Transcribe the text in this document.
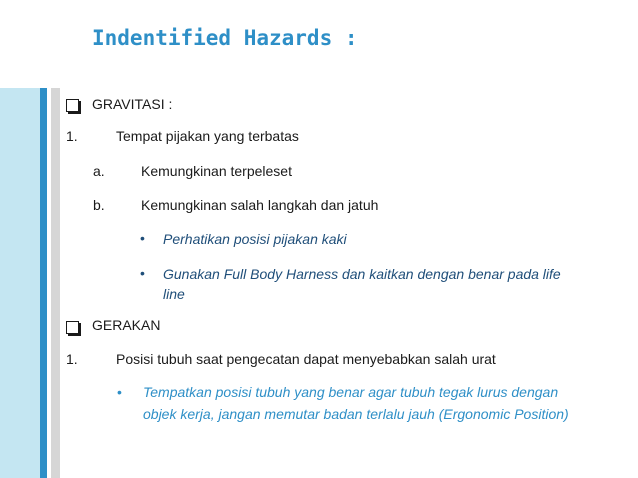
Indentified Hazards :
GRAVITASI :
1.	Tempat pijakan yang terbatas
a.	Kemungkinan terpeleset
b.	Kemungkinan salah langkah dan jatuh
• Perhatikan posisi pijakan kaki
• Gunakan Full Body Harness dan kaitkan dengan benar pada life line
GERAKAN
1.	Posisi tubuh saat pengecatan dapat menyebabkan salah urat
• Tempatkan posisi tubuh yang benar agar tubuh tegak lurus dengan objek kerja, jangan memutar badan terlalu jauh (Ergonomic Position)
